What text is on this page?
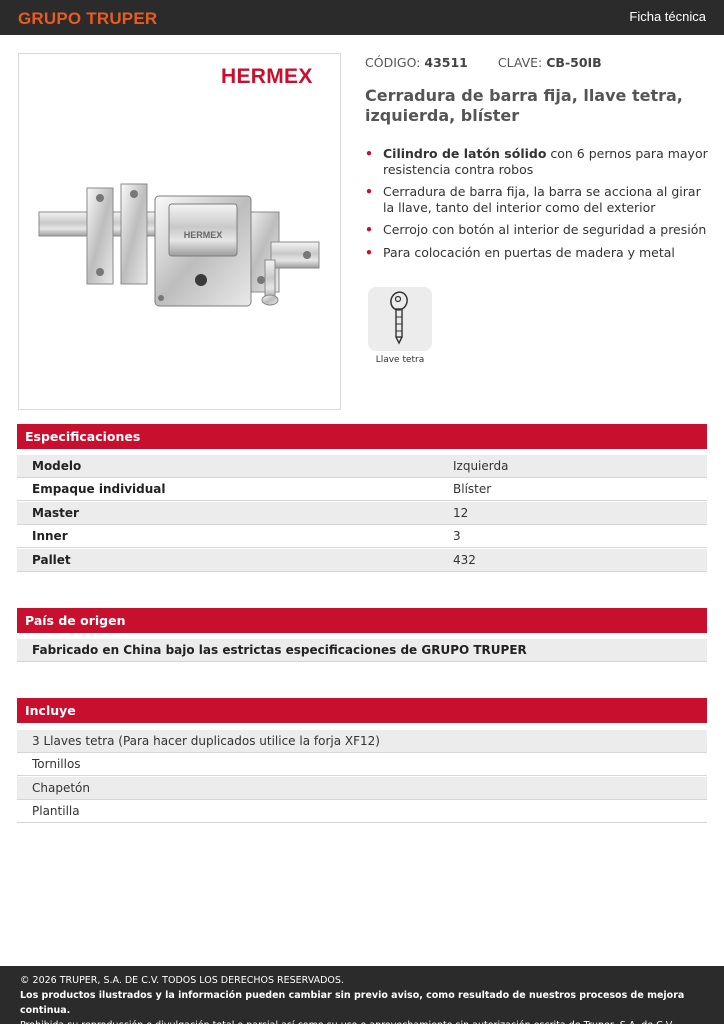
GRUPO TRUPER	Ficha técnica
HERMEX
HERMEX
CÓDIGO: 43511 CLAVE: CB-50IB
Cerradura de barra fija, llave tetra, izquierda, blíster
• Cilindro de latón sólido con 6 pernos para mayor resistencia contra robos
• Cerradura de barra fija, la barra se acciona al girar la llave, tanto del interior como del exterior
• Cerrojo con botón al interior de seguridad a presión
• Para colocación en puertas de madera y metal
Llave tetra
Especificaciones
Modelo	Izquierda
Empaque individual	Blíster
Master	12
Inner	3
Pallet	432
País de origen
Fabricado en China bajo las estrictas especificaciones de GRUPO TRUPER
Incluye
3 Llaves tetra (Para hacer duplicados utilice la forja XF12)
Tornillos
Chapetón
Plantilla
© 2026 TRUPER, S.A. DE C.V. TODOS LOS DERECHOS RESERVADOS.
Los productos ilustrados y la información pueden cambiar sin previo aviso, como resultado de nuestros procesos de mejora continua.
Prohibida su reproducción o divulgación total o parcial así como su uso o aprovechamiento sin autorización escrita de Truper, S.A. de C.V.
